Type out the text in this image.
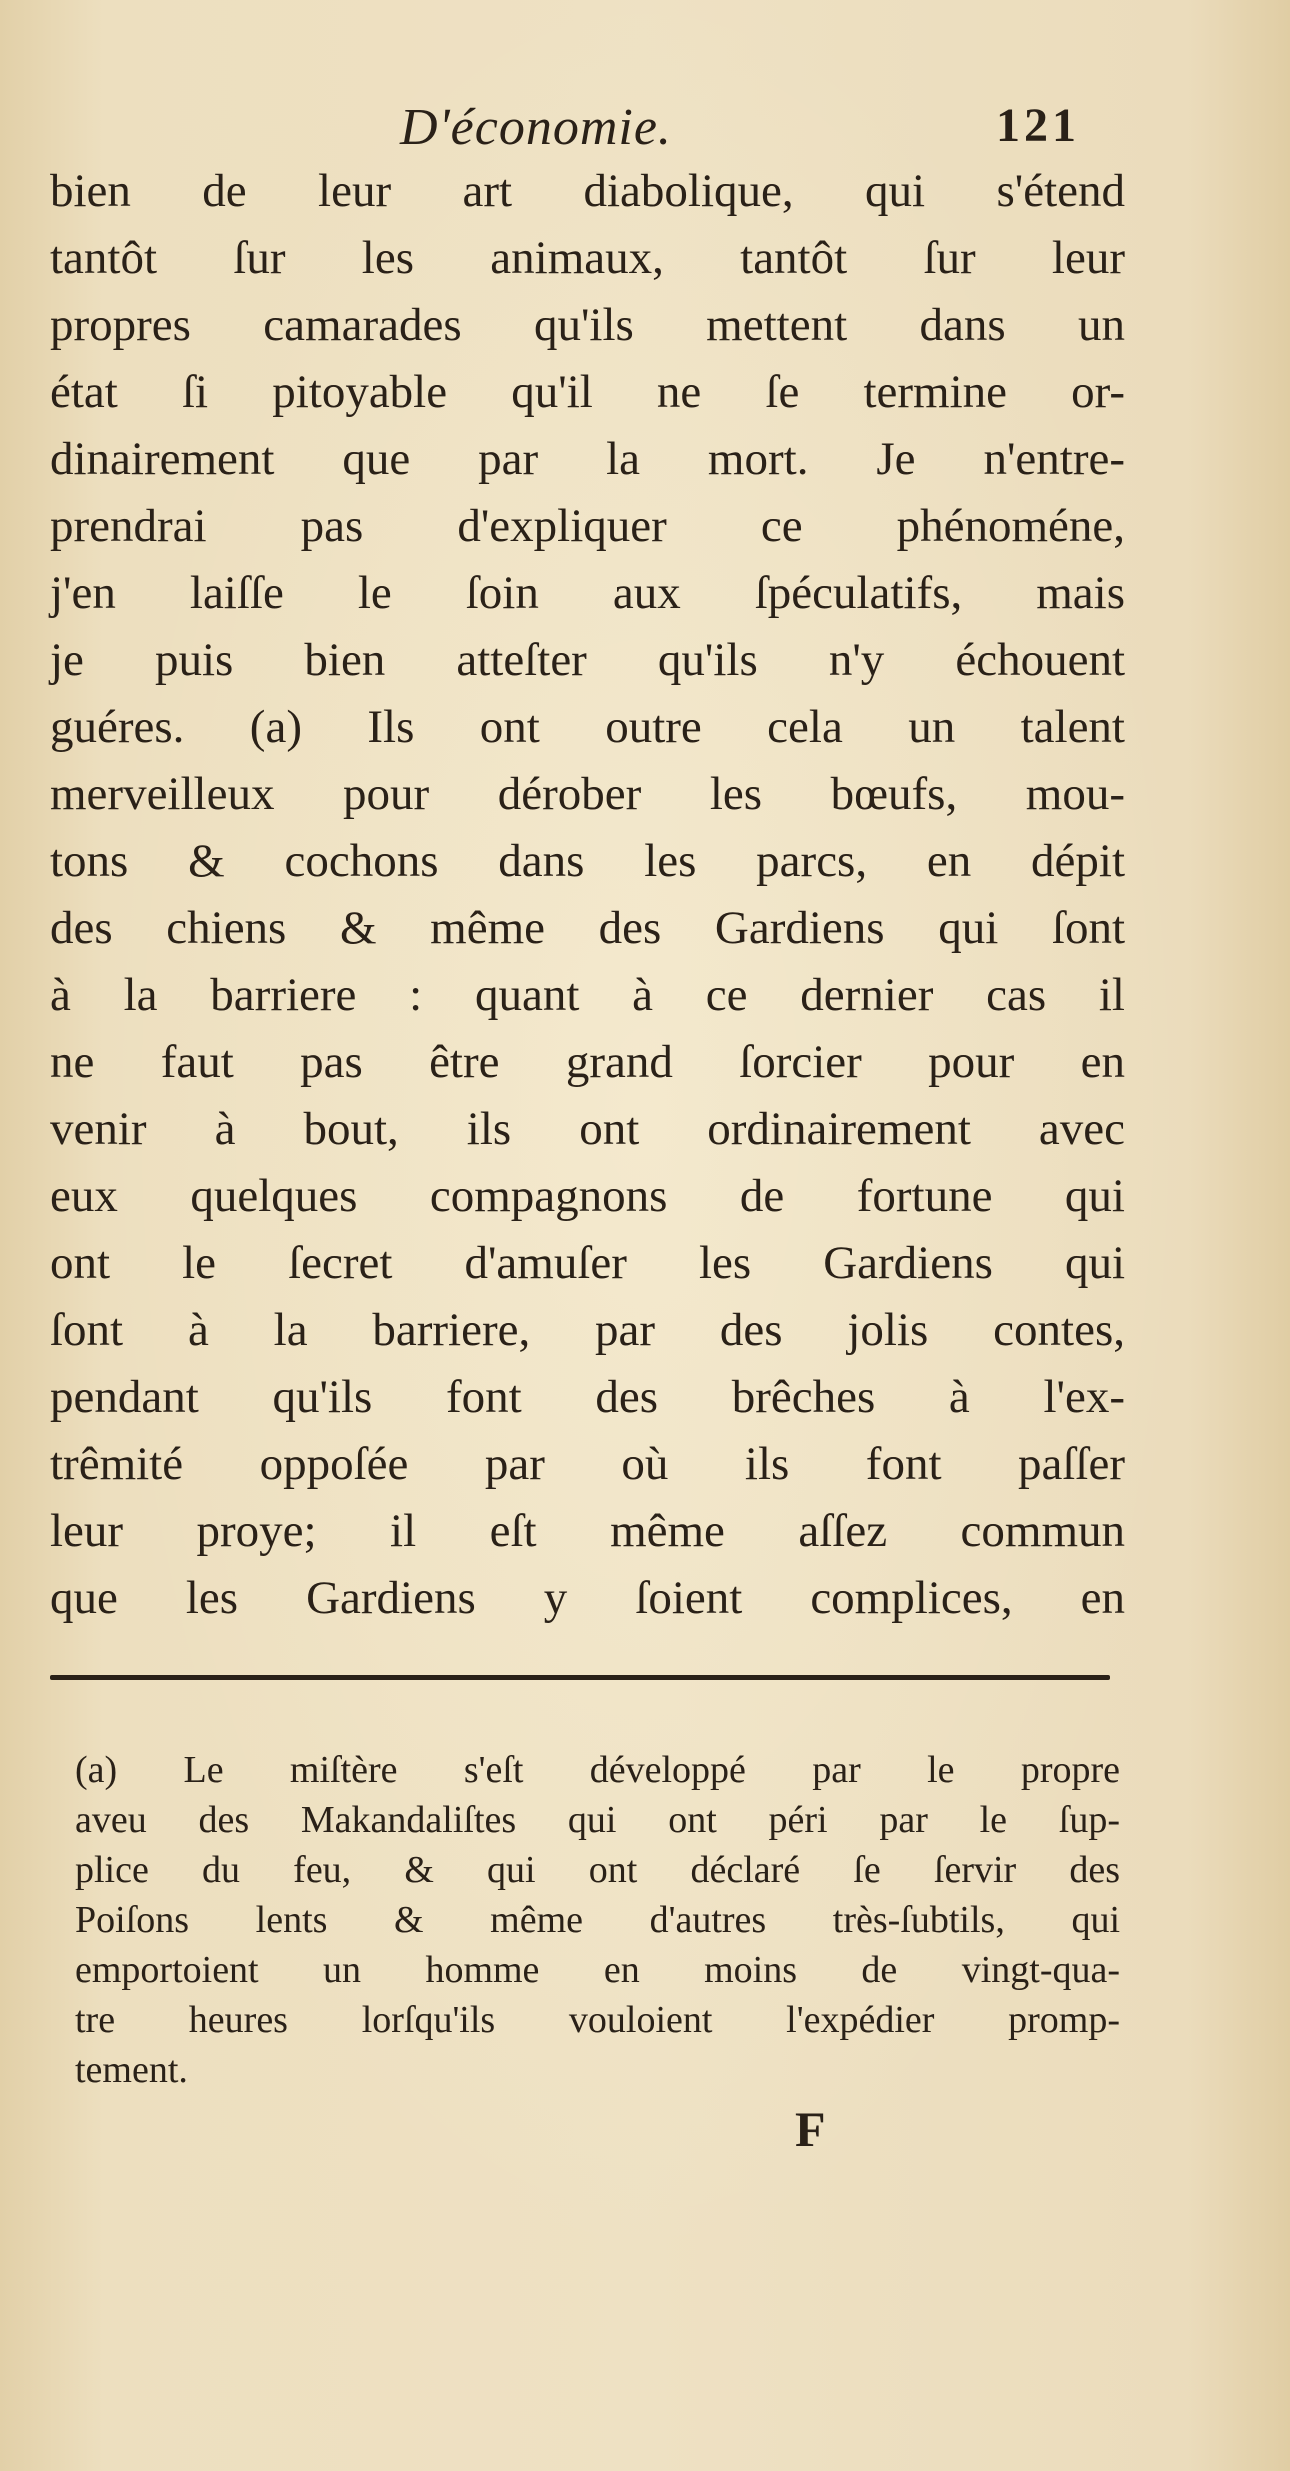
D'économie.	121
bien de leur art diabolique, qui s'étend
tantôt ſur les animaux, tantôt ſur leur
propres camarades qu'ils mettent dans un
état ſi pitoyable qu'il ne ſe termine or-
dinairement que par la mort. Je n'entre-
prendrai pas d'expliquer ce phénoméne,
j'en laiſſe le ſoin aux ſpéculatifs, mais
je puis bien atteſter qu'ils n'y échouent
guéres. (a) Ils ont outre cela un talent
merveilleux pour dérober les bœufs, mou-
tons & cochons dans les parcs, en dépit
des chiens & même des Gardiens qui ſont
à la barriere : quant à ce dernier cas il
ne faut pas être grand ſorcier pour en
venir à bout, ils ont ordinairement avec
eux quelques compagnons de fortune qui
ont le ſecret d'amuſer les Gardiens qui
ſont à la barriere, par des jolis contes,
pendant qu'ils font des brêches à l'ex-
trêmité oppoſée par où ils font paſſer
leur proye; il eſt même aſſez commun
que les Gardiens y ſoient complices, en
(a) Le miſtère s'eſt développé par le propre
aveu des Makandaliſtes qui ont péri par le ſup-
plice du feu, & qui ont déclaré ſe ſervir des
Poiſons lents & même d'autres très-ſubtils, qui
emportoient un homme en moins de vingt-qua-
tre heures lorſqu'ils vouloient l'expédier promp-
tement.
F
